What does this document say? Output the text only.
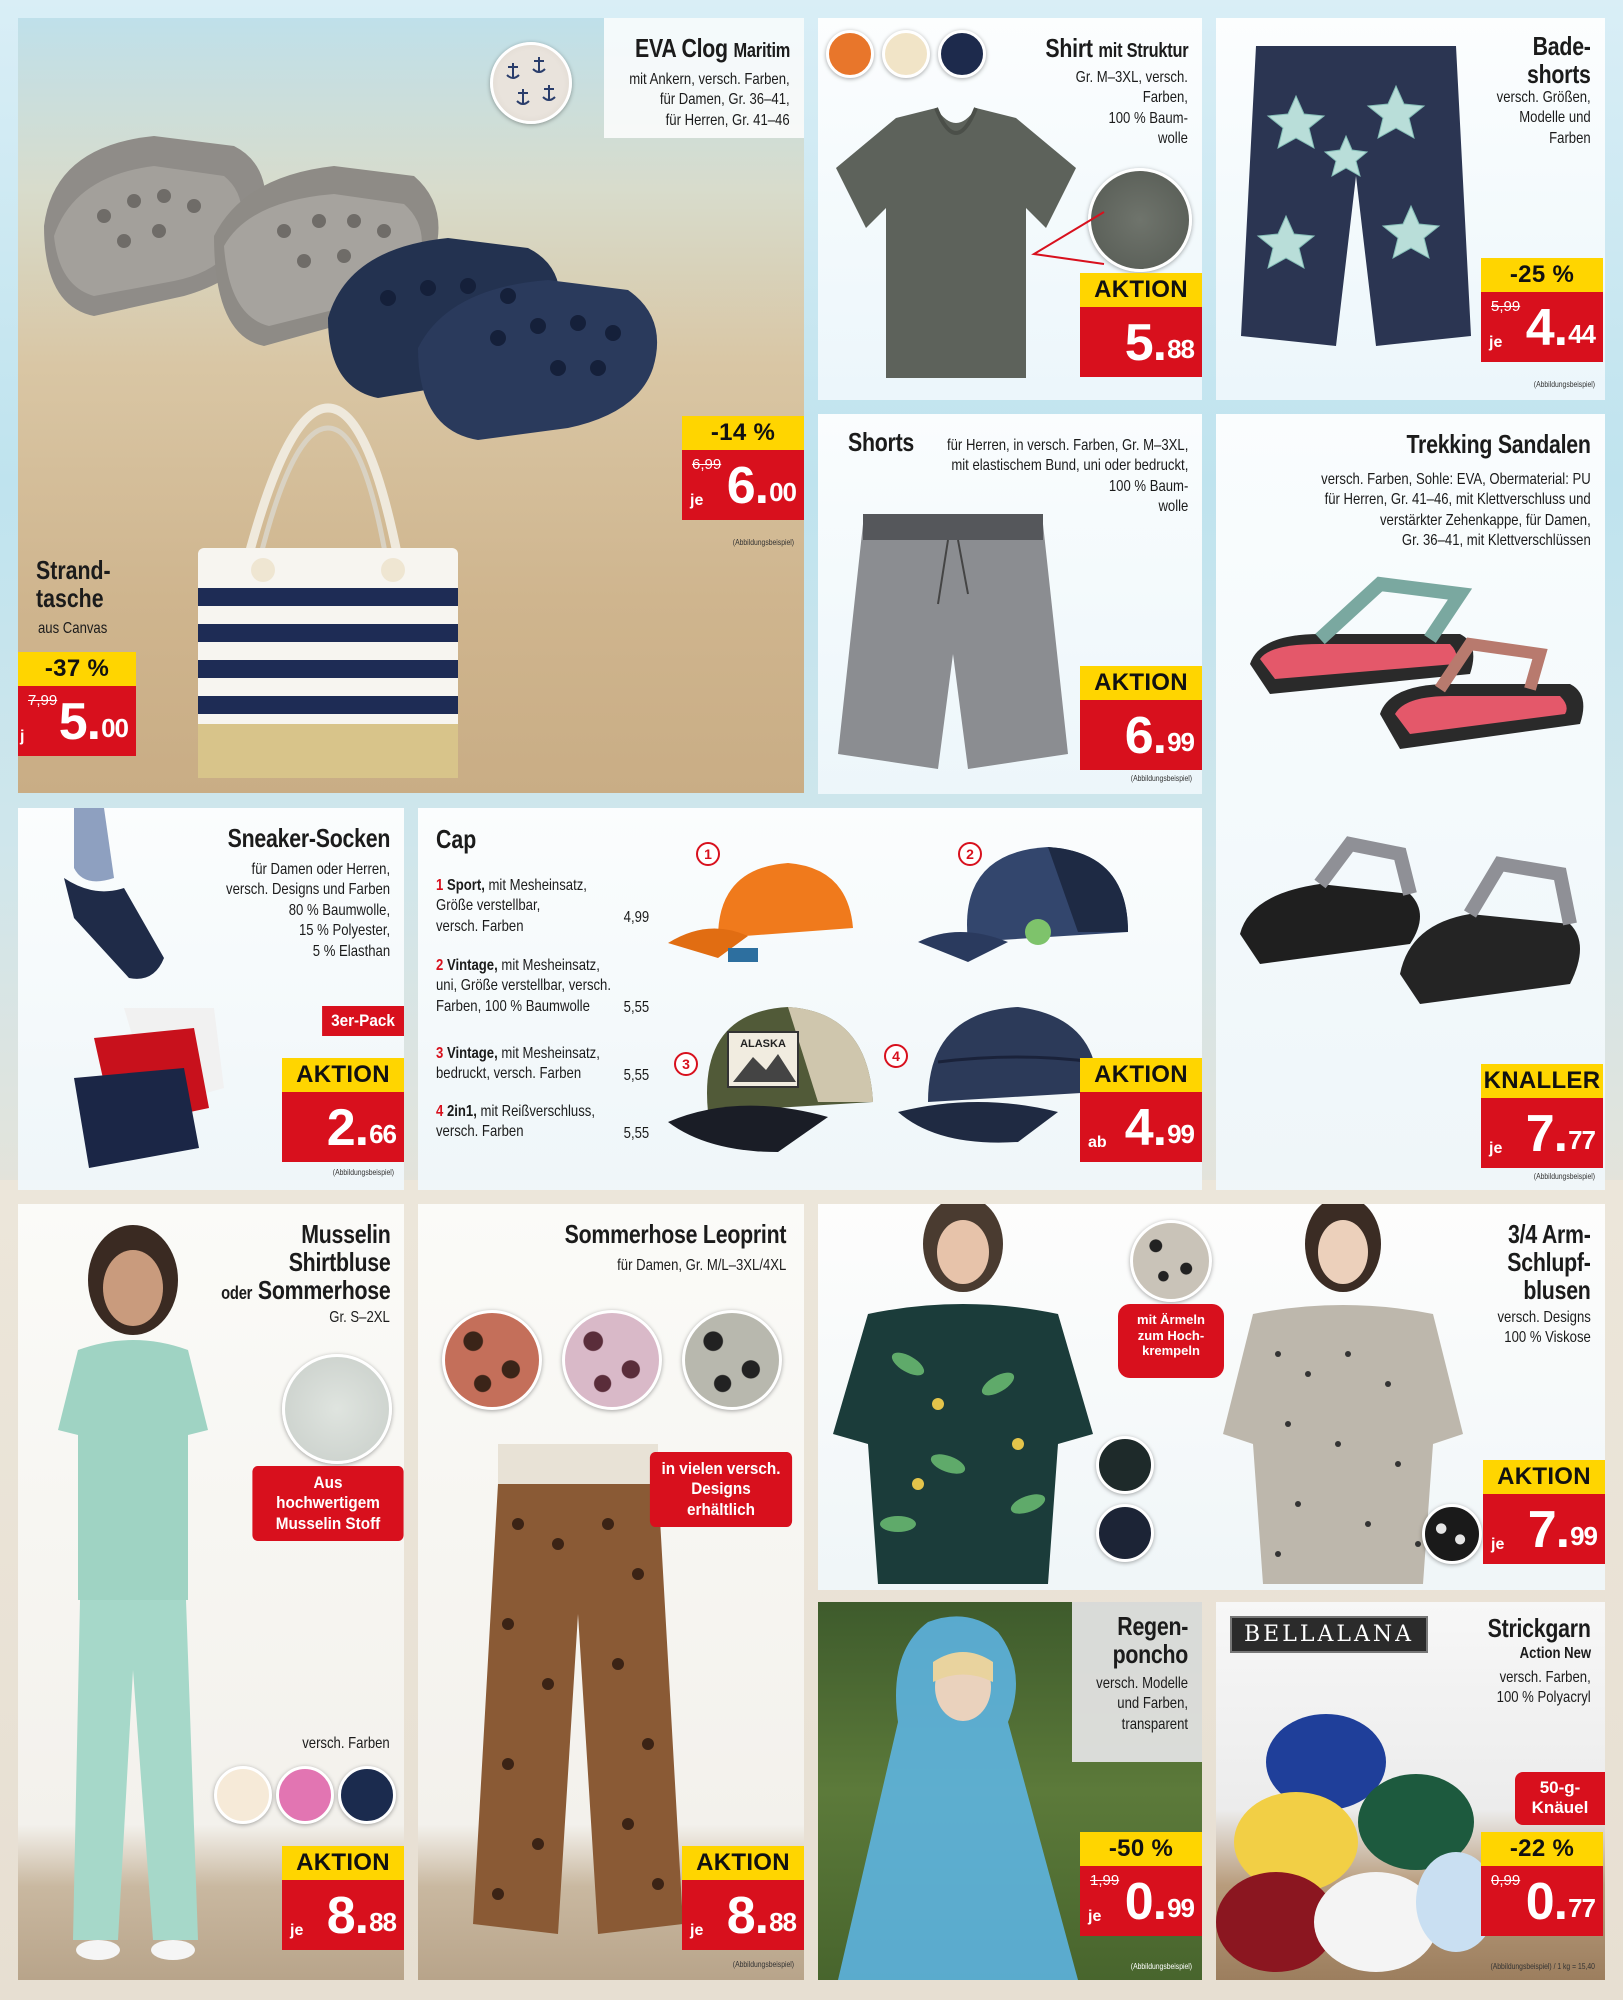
EVA Clog Maritim
mit Ankern, versch. Farben,
für Damen, Gr. 36–41,
für Herren, Gr. 41–46
Strand-
tasche
aus Canvas
-37 %
7,99
j 5.00
-14 %
6,99
je 6.00
(Abbildungsbeispiel)
Shirt mit Struktur
Gr. M–3XL, versch.
Farben,
100 % Baum-
wolle
AKTION
5.88
Bade-
shorts
versch. Größen,
Modelle und
Farben
-25 %
5,99
je 4.44
(Abbildungsbeispiel)
Shorts für Herren, in versch. Farben, Gr. M–3XL,
mit elastischem Bund, uni oder bedruckt,
100 % Baum-
wolle
AKTION
6.99
(Abbildungsbeispiel)
Trekking Sandalen
versch. Farben, Sohle: EVA, Obermaterial: PU
für Herren, Gr. 41–46, mit Klettverschluss und
verstärkter Zehenkappe, für Damen,
Gr. 36–41, mit Klettverschlüssen
KNALLER
je 7.77
(Abbildungsbeispiel)
Sneaker-Socken
für Damen oder Herren,
versch. Designs und Farben
80 % Baumwolle,
15 % Polyester,
5 % Elasthan
3er-Pack
AKTION
2.66
(Abbildungsbeispiel)
Cap
1 Sport, mit Mesheinsatz,
Größe verstellbar,
versch. Farben
4,99
2 Vintage, mit Mesheinsatz,
uni, Größe verstellbar, versch.
Farben, 100 % Baumwolle	5,55
3 Vintage, mit Mesheinsatz,
bedruckt, versch. Farben	5,55
4 2in1, mit Reißverschluss,
versch. Farben	5,55
1	2
3
ALASKA
4
AKTION
ab 4.99
Musselin
Shirtbluse
oder Sommerhose
Gr. S–2XL
Aus hochwertigem
Musselin Stoff
versch. Farben
AKTION
je 8.88
Sommerhose Leoprint
für Damen, Gr. M/L–3XL/4XL
in vielen versch.
Designs erhältlich
AKTION
je 8.88
(Abbildungsbeispiel)
3/4 Arm-
Schlupf-
blusen
versch. Designs
100 % Viskose
mit Ärmeln
zum Hoch-
krempeln
AKTION
je 7.99
Regen-
poncho
versch. Modelle
und Farben,
transparent
-50 %
1,99
je 0.99
(Abbildungsbeispiel)
BELLALANA	Strickgarn
Action New
versch. Farben,
100 % Polyacryl
50-g-
Knäuel
-22 %
0,99 0.77
(Abbildungsbeispiel) / 1 kg = 15,40
